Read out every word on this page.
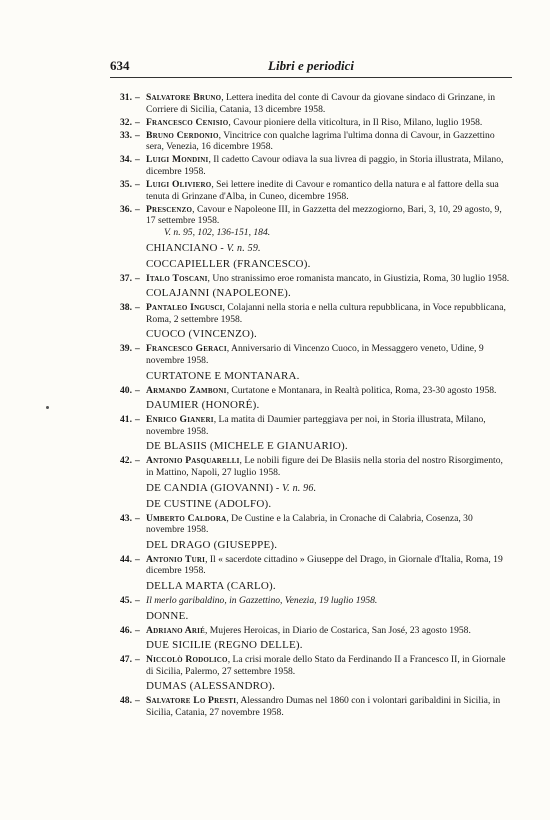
634	Libri e periodici
31. – Salvatore Bruno, Lettera inedita del conte di Cavour da giovane sindaco di Grinzane, in Corriere di Sicilia, Catania, 13 dicembre 1958.
32. – Francesco Cenisio, Cavour pioniere della viticoltura, in Il Riso, Milano, luglio 1958.
33. – Bruno Cerdonio, Vincitrice con qualche lagrima l'ultima donna di Cavour, in Gazzettino sera, Venezia, 16 dicembre 1958.
34. – Luigi Mondini, Il cadetto Cavour odiava la sua livrea di paggio, in Storia illustrata, Milano, dicembre 1958.
35. – Luigi Oliviero, Sei lettere inedite di Cavour e romantico della natura e al fattore della sua tenuta di Grinzane d'Alba, in Cuneo, dicembre 1958.
36. – Prescenzo, Cavour e Napoleone III, in Gazzetta del mezzogiorno, Bari, 3, 10, 29 agosto, 9, 17 settembre 1958.
V. n. 95, 102, 136-151, 184.
CHIANCIANO - V. n. 59.
COCCAPIELLER (FRANCESCO).
37. – Italo Toscani, Uno stranissimo eroe romanista mancato, in Giustizia, Roma, 30 luglio 1958.
COLAJANNI (NAPOLEONE).
38. – Pantaleo Ingusci, Colajanni nella storia e nella cultura repubblicana, in Voce repubblicana, Roma, 2 settembre 1958.
CUOCO (VINCENZO).
39. – Francesco Geraci, Anniversario di Vincenzo Cuoco, in Messaggero veneto, Udine, 9 novembre 1958.
CURTATONE E MONTANARA.
40. – Armando Zamboni, Curtatone e Montanara, in Realtà politica, Roma, 23-30 agosto 1958.
DAUMIER (HONORÉ).
41. – Enrico Gianeri, La matita di Daumier parteggiava per noi, in Storia illustrata, Milano, novembre 1958.
DE BLASIIS (MICHELE E GIANUARIO).
42. – Antonio Pasquarelli, Le nobili figure dei De Blasiis nella storia del nostro Risorgimento, in Mattino, Napoli, 27 luglio 1958.
DE CANDIA (GIOVANNI) - V. n. 96.
DE CUSTINE (ADOLFO).
43. – Umberto Caldora, De Custine e la Calabria, in Cronache di Calabria, Cosenza, 30 novembre 1958.
DEL DRAGO (GIUSEPPE).
44. – Antonio Turi, Il « sacerdote cittadino » Giuseppe del Drago, in Giornale d'Italia, Roma, 19 dicembre 1958.
DELLA MARTA (CARLO).
45. – Il merlo garibaldino, in Gazzettino, Venezia, 19 luglio 1958.
DONNE.
46. – Adriano Arié, Mujeres Heroicas, in Diario de Costarica, San José, 23 agosto 1958.
DUE SICILIE (REGNO DELLE).
47. – Niccolò Rodolico, La crisi morale dello Stato da Ferdinando II a Francesco II, in Giornale di Sicilia, Palermo, 27 settembre 1958.
DUMAS (ALESSANDRO).
48. – Salvatore Lo Presti, Alessandro Dumas nel 1860 con i volontari garibaldini in Sicilia, in Sicilia, Catania, 27 novembre 1958.
